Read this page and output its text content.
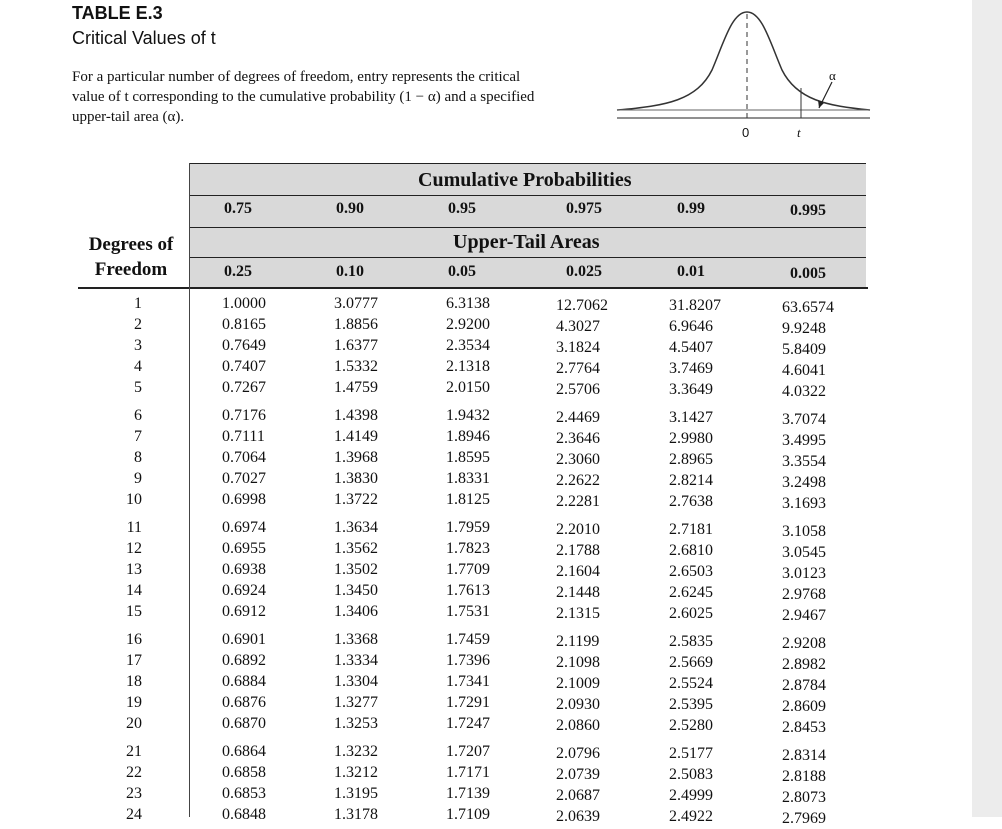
TABLE E.3
Critical Values of t

For a particular number of degrees of freedom, entry represents the critical value of t corresponding to the cumulative probability (1 − α) and a specified upper-tail area (α).

α
0	t
Cumulative Probabilities
Upper-Tail Areas
Degrees of
Freedom
0.75	0.90	0.95	0.975	0.99	0.995
0.25	0.10	0.05	0.025	0.01	0.005
1	1.0000	3.0777	6.3138	12.7062	31.8207	63.6574
2	0.8165	1.8856	2.9200	4.3027	6.9646	9.9248
3	0.7649	1.6377	2.3534	3.1824	4.5407	5.8409
4	0.7407	1.5332	2.1318	2.7764	3.7469	4.6041
5	0.7267	1.4759	2.0150	2.5706	3.3649	4.0322
6	0.7176	1.4398	1.9432	2.4469	3.1427	3.7074
7	0.7111	1.4149	1.8946	2.3646	2.9980	3.4995
8	0.7064	1.3968	1.8595	2.3060	2.8965	3.3554
9	0.7027	1.3830	1.8331	2.2622	2.8214	3.2498
10	0.6998	1.3722	1.8125	2.2281	2.7638	3.1693
11	0.6974	1.3634	1.7959	2.2010	2.7181	3.1058
12	0.6955	1.3562	1.7823	2.1788	2.6810	3.0545
13	0.6938	1.3502	1.7709	2.1604	2.6503	3.0123
14	0.6924	1.3450	1.7613	2.1448	2.6245	2.9768
15	0.6912	1.3406	1.7531	2.1315	2.6025	2.9467
16	0.6901	1.3368	1.7459	2.1199	2.5835	2.9208
17	0.6892	1.3334	1.7396	2.1098	2.5669	2.8982
18	0.6884	1.3304	1.7341	2.1009	2.5524	2.8784
19	0.6876	1.3277	1.7291	2.0930	2.5395	2.8609
20	0.6870	1.3253	1.7247	2.0860	2.5280	2.8453
21	0.6864	1.3232	1.7207	2.0796	2.5177	2.8314
22	0.6858	1.3212	1.7171	2.0739	2.5083	2.8188
23	0.6853	1.3195	1.7139	2.0687	2.4999	2.8073
24	0.6848	1.3178	1.7109	2.0639	2.4922	2.7969
